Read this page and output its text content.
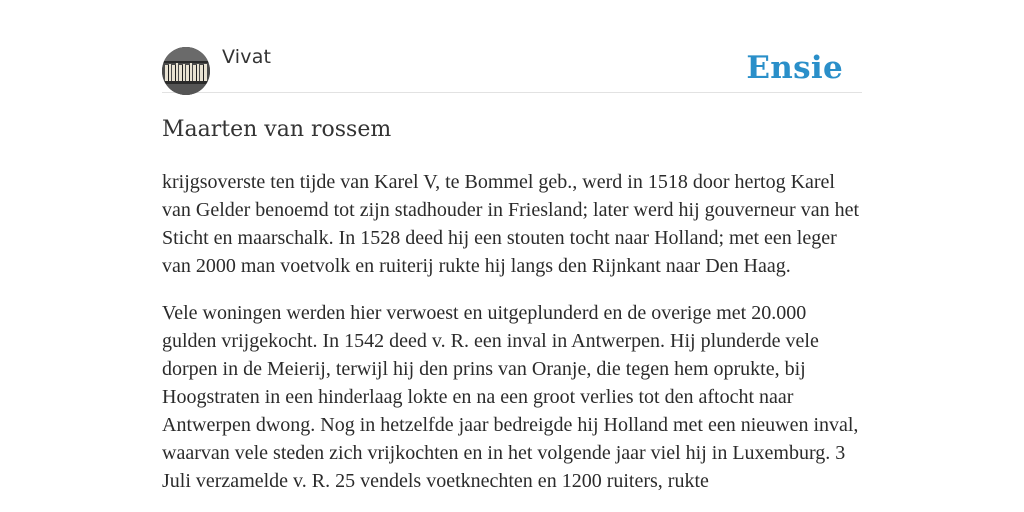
Vivat	Ensie
Maarten van rossem

krijgsoverste ten tijde van Karel V, te Bommel geb., werd in 1518 door hertog Karel van Gelder benoemd tot zijn stadhouder in Friesland; later werd hij gouverneur van het Sticht en maarschalk. In 1528 deed hij een stouten tocht naar Holland; met een leger van 2000 man voetvolk en ruiterij rukte hij langs den Rijnkant naar Den Haag.

Vele woningen werden hier verwoest en uitgeplunderd en de overige met 20.000 gulden vrijgekocht. In 1542 deed v. R. een inval in Antwerpen. Hij plunderde vele dorpen in de Meierij, terwijl hij den prins van Oranje, die tegen hem oprukte, bij Hoogstraten in een hinderlaag lokte en na een groot verlies tot den aftocht naar Antwerpen dwong. Nog in hetzelfde jaar bedreigde hij Holland met een nieuwen inval, waarvan vele steden zich vrijkochten en in het volgende jaar viel hij in Luxemburg. 3 Juli verzamelde v. R. 25 vendels voetknechten en 1200 ruiters, rukte
